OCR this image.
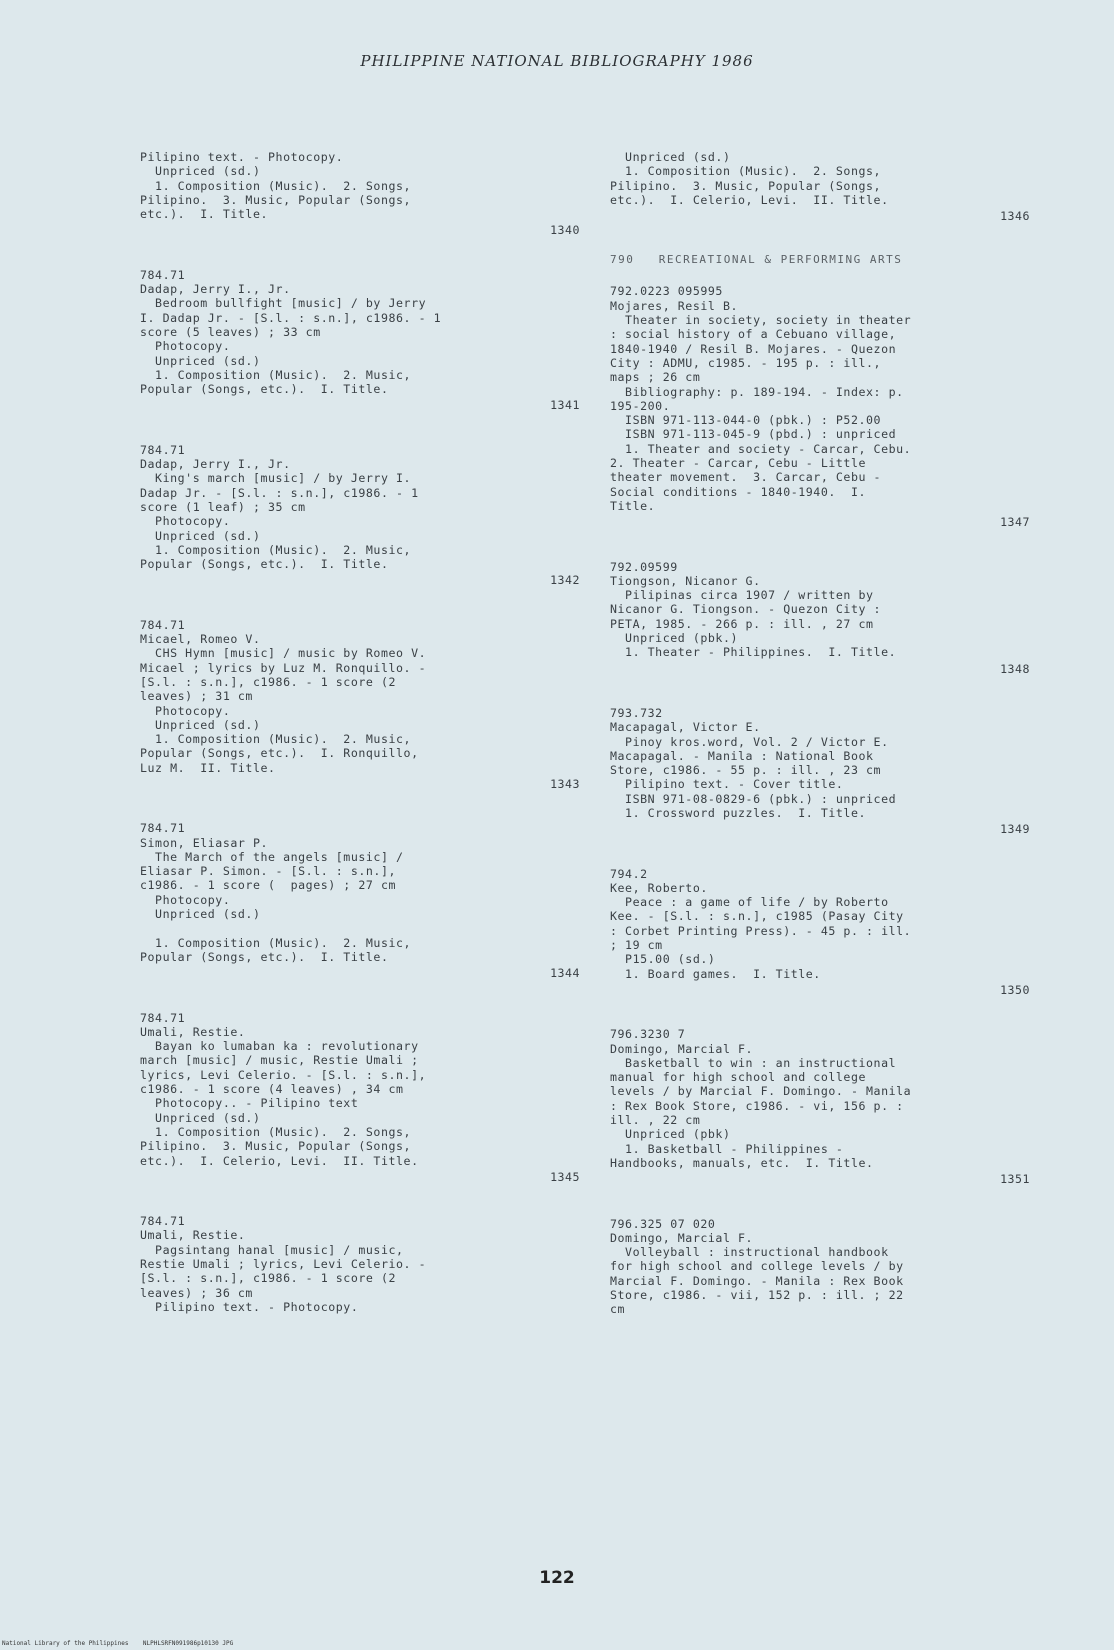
PHILIPPINE NATIONAL BIBLIOGRAPHY 1986
Pilipino text. - Photocopy.
Unpriced (sd.)
1. Composition (Music).  2. Songs,
Pilipino.  3. Music, Popular (Songs,
etc.).  I. Title.
1340
784.71
Dadap, Jerry I., Jr.
Bedroom bullfight [music] / by Jerry
I. Dadap Jr. - [S.l. : s.n.], c1986. - 1
score (5 leaves) ; 33 cm
Photocopy.
Unpriced (sd.)
1. Composition (Music).  2. Music,
Popular (Songs, etc.).  I. Title.
1341
784.71
Dadap, Jerry I., Jr.
King's march [music] / by Jerry I.
Dadap Jr. - [S.l. : s.n.], c1986. - 1
score (1 leaf) ; 35 cm
Photocopy.
Unpriced (sd.)
1. Composition (Music).  2. Music,
Popular (Songs, etc.).  I. Title.
1342
784.71
Micael, Romeo V.
CHS Hymn [music] / music by Romeo V.
Micael ; lyrics by Luz M. Ronquillo. -
[S.l. : s.n.], c1986. - 1 score (2
leaves) ; 31 cm
Photocopy.
Unpriced (sd.)
1. Composition (Music).  2. Music,
Popular (Songs, etc.).  I. Ronquillo,
Luz M.  II. Title.
1343
784.71
Simon, Eliasar P.
The March of the angels [music] /
Eliasar P. Simon. - [S.l. : s.n.],
c1986. - 1 score (  pages) ; 27 cm
Photocopy.
Unpriced (sd.)

1. Composition (Music).  2. Music,
Popular (Songs, etc.).  I. Title.
1344
784.71
Umali, Restie.
Bayan ko lumaban ka : revolutionary
march [music] / music, Restie Umali ;
lyrics, Levi Celerio. - [S.l. : s.n.],
c1986. - 1 score (4 leaves) , 34 cm
Photocopy.. - Pilipino text
Unpriced (sd.)
1. Composition (Music).  2. Songs,
Pilipino.  3. Music, Popular (Songs,
etc.).  I. Celerio, Levi.  II. Title.
1345
784.71
Umali, Restie.
Pagsintang hanal [music] / music,
Restie Umali ; lyrics, Levi Celerio. -
[S.l. : s.n.], c1986. - 1 score (2
leaves) ; 36 cm
Pilipino text. - Photocopy.
Unpriced (sd.)
1. Composition (Music).  2. Songs,
Pilipino.  3. Music, Popular (Songs,
etc.).  I. Celerio, Levi.  II. Title.
1346
790   RECREATIONAL & PERFORMING ARTS
792.0223 095995
Mojares, Resil B.
Theater in society, society in theater
: social history of a Cebuano village,
1840-1940 / Resil B. Mojares. - Quezon
City : ADMU, c1985. - 195 p. : ill.,
maps ; 26 cm
Bibliography: p. 189-194. - Index: p.
195-200.
ISBN 971-113-044-0 (pbk.) : P52.00
ISBN 971-113-045-9 (pbd.) : unpriced
1. Theater and society - Carcar, Cebu.
2. Theater - Carcar, Cebu - Little
theater movement.  3. Carcar, Cebu -
Social conditions - 1840-1940.  I.
Title.
1347
792.09599
Tiongson, Nicanor G.
Pilipinas circa 1907 / written by
Nicanor G. Tiongson. - Quezon City :
PETA, 1985. - 266 p. : ill. , 27 cm
Unpriced (pbk.)
1. Theater - Philippines.  I. Title.
1348
793.732
Macapagal, Victor E.
Pinoy kros.word, Vol. 2 / Victor E.
Macapagal. - Manila : National Book
Store, c1986. - 55 p. : ill. , 23 cm
Pilipino text. - Cover title.
ISBN 971-08-0829-6 (pbk.) : unpriced
1. Crossword puzzles.  I. Title.
1349
794.2
Kee, Roberto.
Peace : a game of life / by Roberto
Kee. - [S.l. : s.n.], c1985 (Pasay City
: Corbet Printing Press). - 45 p. : ill.
; 19 cm
P15.00 (sd.)
1. Board games.  I. Title.
1350
796.3230 7
Domingo, Marcial F.
Basketball to win : an instructional
manual for high school and college
levels / by Marcial F. Domingo. - Manila
: Rex Book Store, c1986. - vi, 156 p. :
ill. , 22 cm
Unpriced (pbk)
1. Basketball - Philippines -
Handbooks, manuals, etc.  I. Title.
1351
796.325 07 020
Domingo, Marcial F.
Volleyball : instructional handbook
for high school and college levels / by
Marcial F. Domingo. - Manila : Rex Book
Store, c1986. - vii, 152 p. : ill. ; 22
cm
122
National Library of the Philippines    NLPHLSRFN091986p10130 JPG
